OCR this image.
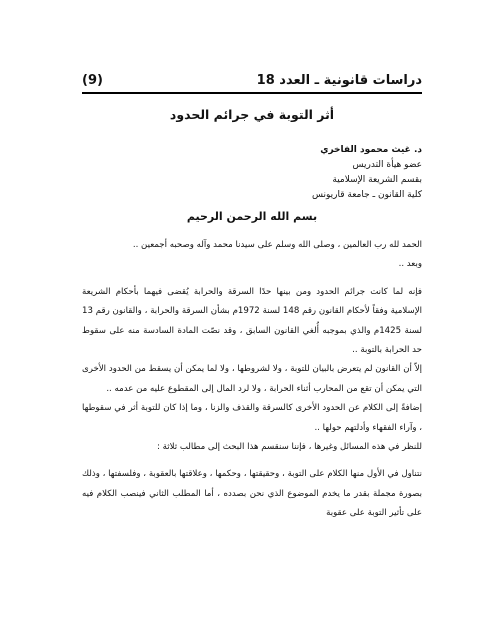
(9)	دراسات قانونية ـ العدد 18
أثر التوبة في جرائم الحدود
د. غيث محمود الفاخري
عضو هيأة التدريس
بقسم الشريعة الإسلامية
كلية القانون ـ جامعة قاريونس
بسم الله الرحمن الرحيم

الحمد لله رب العالمين ، وصلى الله وسلم على سيدنا محمد وآله وصحبه أجمعين ..

وبعد ..

فإنه لما كانت جرائم الحدود ومن بينها حدًا السرقة والحرابة يُقضى فيهما بأحكام الشريعة الإسلامية وفقاً لأحكام القانون رقم 148 لسنة 1972م بشأن السرقة والحرابة ، والقانون رقم 13 لسنة 1425م والذي بموجبه أُلغي القانون السابق ، وقد نصّت المادة السادسة منه على سقوط حد الحرابة بالتوبة ..

إلاّ أن القانون لم يتعرض بالبيان للتوبة ، ولا لشروطها ، ولا لما يمكن أن يسقط من الحدود الأخرى التي يمكن أن تقع من المحارب أثناء الحرابة ، ولا لرد المال إلى المقطوع عليه من عدمه ..

إضافةً إلى الكلام عن الحدود الأخرى كالسرقة والقذف والزنا ، وما إذا كان للتوبة أثر في سقوطها ، وآراء الفقهاء وأدلتهم حولها ..

للنظر في هذه المسائل وغيرها ، فإننا سنقسم هذا البحث إلى مطالب ثلاثة :

نتناول في الأول منها الكلام على التوبة ، وحقيقتها ، وحكمها ، وعلاقتها بالعقوبة ، وفلسفتها ، وذلك بصورة مجملة بقدر ما يخدم الموضوع الذي نحن بصدده ، أما المطلب الثاني فينصب الكلام فيه على تأثير التوبة على عقوبة
